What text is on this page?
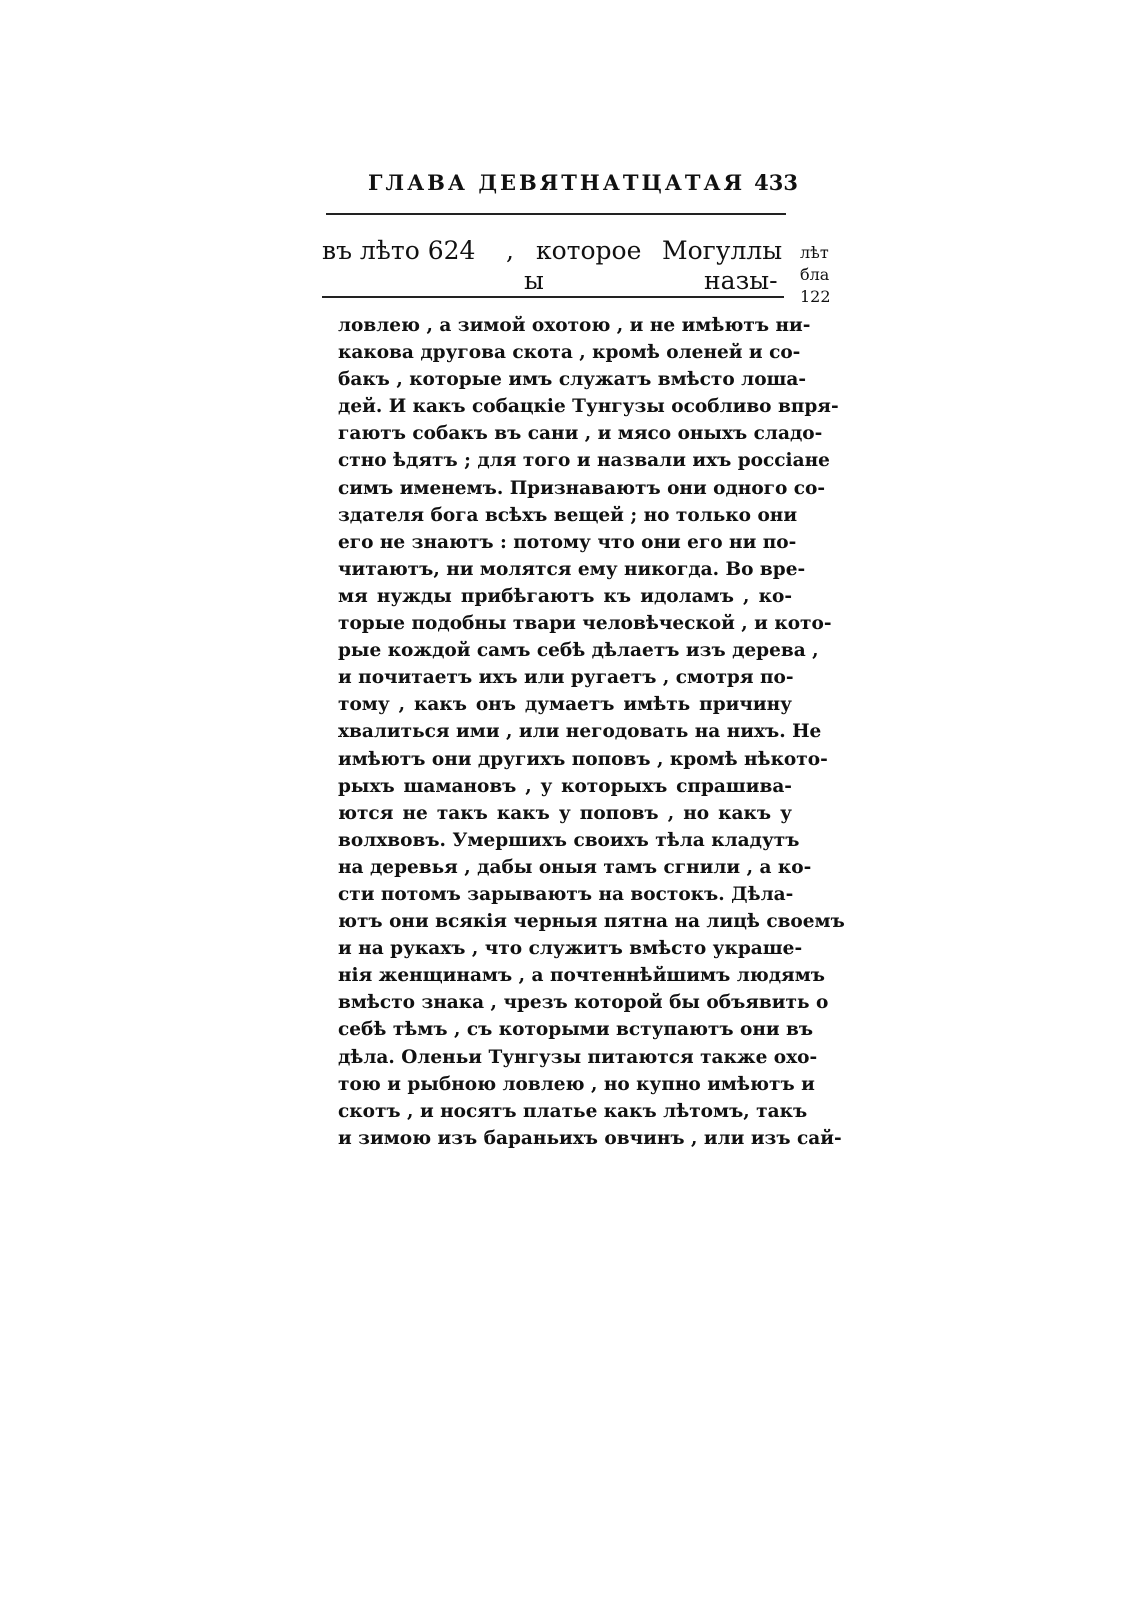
ГЛАВА ДЕВЯТНАТЦАТАЯ 433
въ лѣто 624 , которое Могуллы
ы	назы-
лѣт
бла
122
ловлею , а зимой охотою , и не имѣютъ ни-
какова другова скота , кромѣ оленей и со-
бакъ , которые имъ служатъ вмѣсто лоша-
дей. И какъ собацкіе Тунгузы особливо впря-
гаютъ собакъ въ сани , и мясо оныхъ сладо-
стно ѣдятъ ; для того и назвали ихъ россіане
симъ именемъ. Признаваютъ они одного со-
здателя бога всѣхъ вещей ; но только они
его не знаютъ : потому что они его ни по-
читаютъ, ни молятся ему никогда. Во вре-
мя нужды прибѣгаютъ къ идоламъ , ко-
торые подобны твари человѣческой , и кото-
рые кождой самъ себѣ дѣлаетъ изъ дерева ,
и почитаетъ ихъ или ругаетъ , смотря по-
тому , какъ онъ думаетъ имѣть причину
хвалиться ими , или негодовать на нихъ. Не
имѣютъ они другихъ поповъ , кромѣ нѣкото-
рыхъ шамановъ , у которыхъ спрашива-
ются не такъ какъ у поповъ , но какъ у
волхвовъ. Умершихъ своихъ тѣла кладутъ
на деревья , дабы оныя тамъ сгнили , а ко-
сти потомъ зарываютъ на востокъ. Дѣла-
ютъ они всякія черныя пятна на лицѣ своемъ
и на рукахъ , что служитъ вмѣсто украше-
нія женщинамъ , а почтеннѣйшимъ людямъ
вмѣсто знака , чрезъ которой бы объявить о
себѣ тѣмъ , съ которыми вступаютъ они въ
дѣла. Оленьи Тунгузы питаются также охо-
тою и рыбною ловлею , но купно имѣютъ и
скотъ , и носятъ платье какъ лѣтомъ, такъ
и зимою изъ бараньихъ овчинъ , или изъ сай-
